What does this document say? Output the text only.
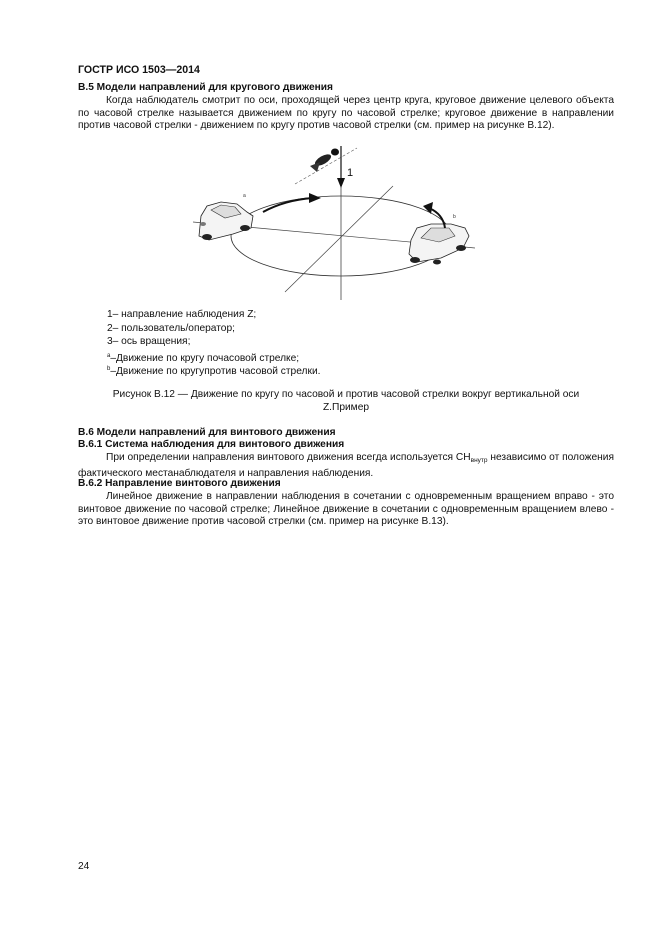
ГОСТР ИСО 1503—2014
В.5 Модели направлений для кругового движения
Когда наблюдатель смотрит по оси, проходящей через центр круга, круговое движение целевого объекта по часовой стрелке называется движением по кругу по часовой стрелке; круговое движение в направлении против часовой стрелки - движением по кругу против часовой стрелки (см. пример на рисунке В.12).
1
a
b
1– направление наблюдения Z;
2– пользователь/оператор;
3– ось вращения;
$^a$–Движение по кругу почасовой стрелке;
$^b$–Движение по кругупротив часовой стрелки.
Рисунок В.12 — Движение по кругу по часовой и против часовой стрелки вокруг вертикальной оси
Z.Пример
В.6 Модели направлений для винтового движения
В.6.1 Система наблюдения для винтового движения
При определении направления винтового движения всегда используется $CH_{внутр}$ независимо от положения фактического местанаблюдателя и направления наблюдения.
В.6.2 Направление винтового движения
Линейное движение в направлении наблюдения в сочетании с одновременным вращением вправо - это винтовое движение по часовой стрелке; Линейное движение в сочетании с одновременным вращением влево - это винтовое движение против часовой стрелки (см. пример на рисунке В.13).
24
